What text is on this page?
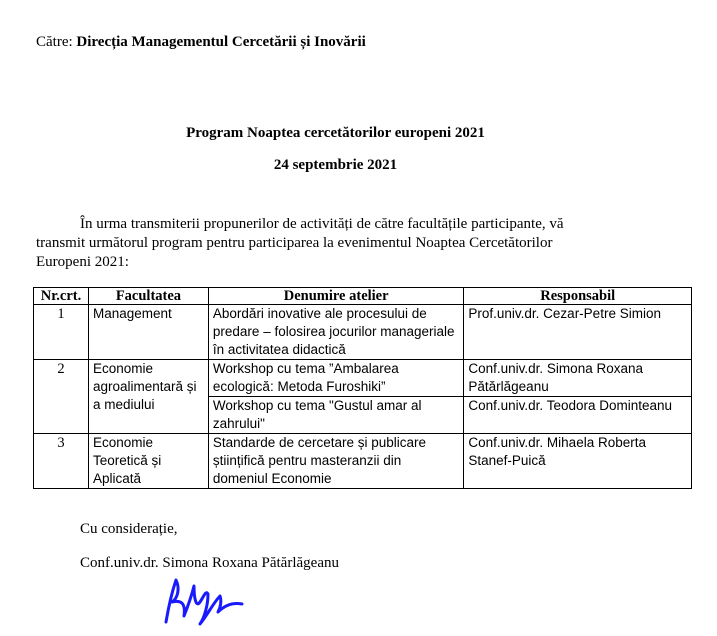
Către: Direcția Managementul Cercetării și Inovării
Program Noaptea cercetătorilor europeni 2021
24 septembrie 2021
În urma transmiterii propunerilor de activități de către facultățile participante, vă
transmit următorul program pentru participarea la evenimentul Noaptea Cercetătorilor
Europeni 2021:
Nr.crt.	Facultatea	Denumire atelier	Responsabil
1	Management	Abordări inovative ale procesului de predare – folosirea jocurilor manageriale în activitatea didactică	Prof.univ.dr. Cezar-Petre Simion
2	Economie agroalimentară și a mediului	Workshop cu tema ”Ambalarea ecologică: Metoda Furoshiki”	Conf.univ.dr. Simona Roxana Pătărlăgeanu
		Workshop cu tema "Gustul amar al zahrului"	Conf.univ.dr. Teodora Dominteanu
3	Economie Teoretică și Aplicată	Standarde de cercetare și publicare științifică pentru masteranzii din domeniul Economie	Conf.univ.dr. Mihaela Roberta Stanef-Puică
Cu considerație,
Conf.univ.dr. Simona Roxana Pătărlăgeanu
